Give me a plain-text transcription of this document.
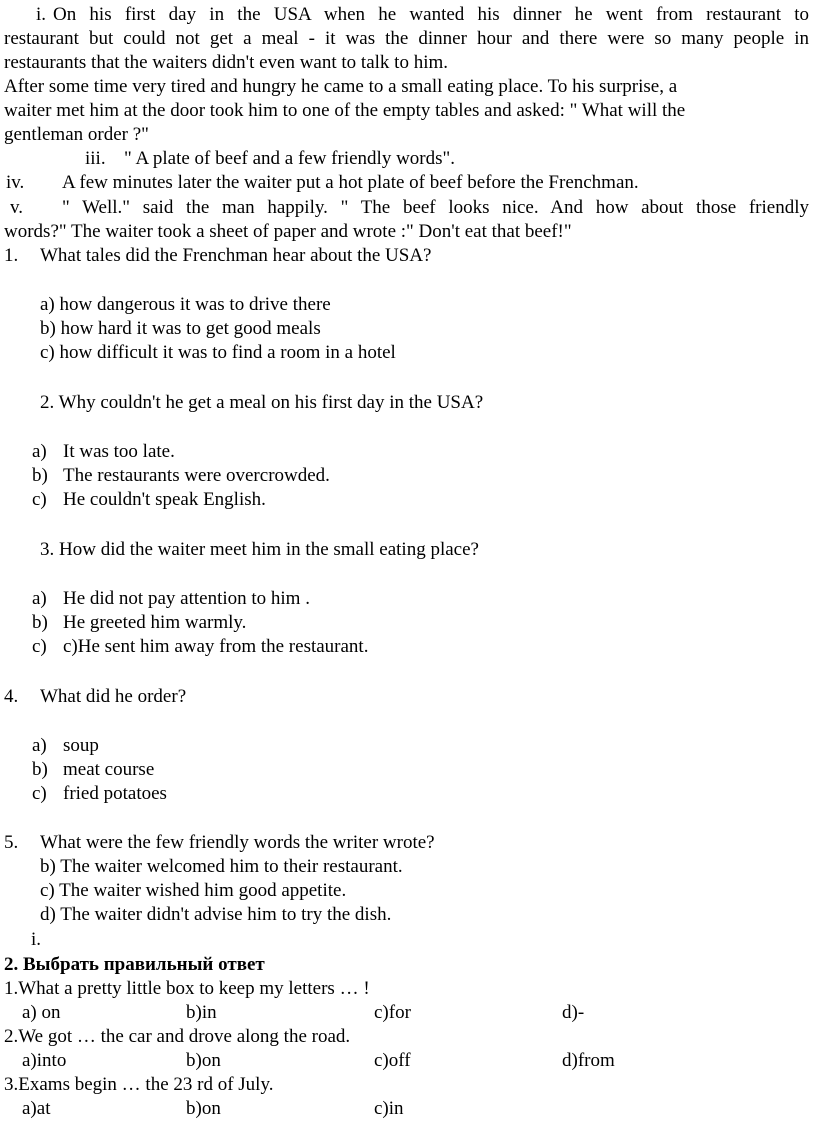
i. On his first day in the USA when he wanted his dinner he went from restaurant to
restaurant but could not get a meal - it was the dinner hour and there were so many people in
restaurants that the waiters didn't even want to talk to him.
After some time very tired and hungry he came to a small eating place. To his surprise, a
waiter met him at the door took him to one of the empty tables and asked: " What will the
gentleman order ?"
iii. " A plate of beef and a few friendly words".
iv. A few minutes later the waiter put a hot plate of beef before the Frenchman.
v. " Well." said the man happily. " The beef looks nice. And how about those friendly
words?" The waiter took a sheet of paper and wrote :" Don't eat that beef!"
1. What tales did the Frenchman hear about the USA?
a) how dangerous it was to drive there
b) how hard it was to get good meals
c) how difficult it was to find a room in a hotel
2. Why couldn't he get a meal on his first day in the USA?
a) It was too late.
b) The restaurants were overcrowded.
c) He couldn't speak English.
3. How did the waiter meet him in the small eating place?
a) He did not pay attention to him .
b) He greeted him warmly.
c) c)He sent him away from the restaurant.
4. What did he order?
a) soup
b) meat course
c) fried potatoes
5. What were the few friendly words the writer wrote?
b) The waiter welcomed him to their restaurant.
c) The waiter wished him good appetite.
d) The waiter didn't advise him to try the dish.
i.
2. Выбрать правильный ответ
1.What a pretty little box to keep my letters … !
a) on	b)in	c)for	d)-
2.We got … the car and drove along the road.
a)into	b)on	c)off	d)from
3.Exams begin … the 23 rd of July.
a)at	b)on	c)in
